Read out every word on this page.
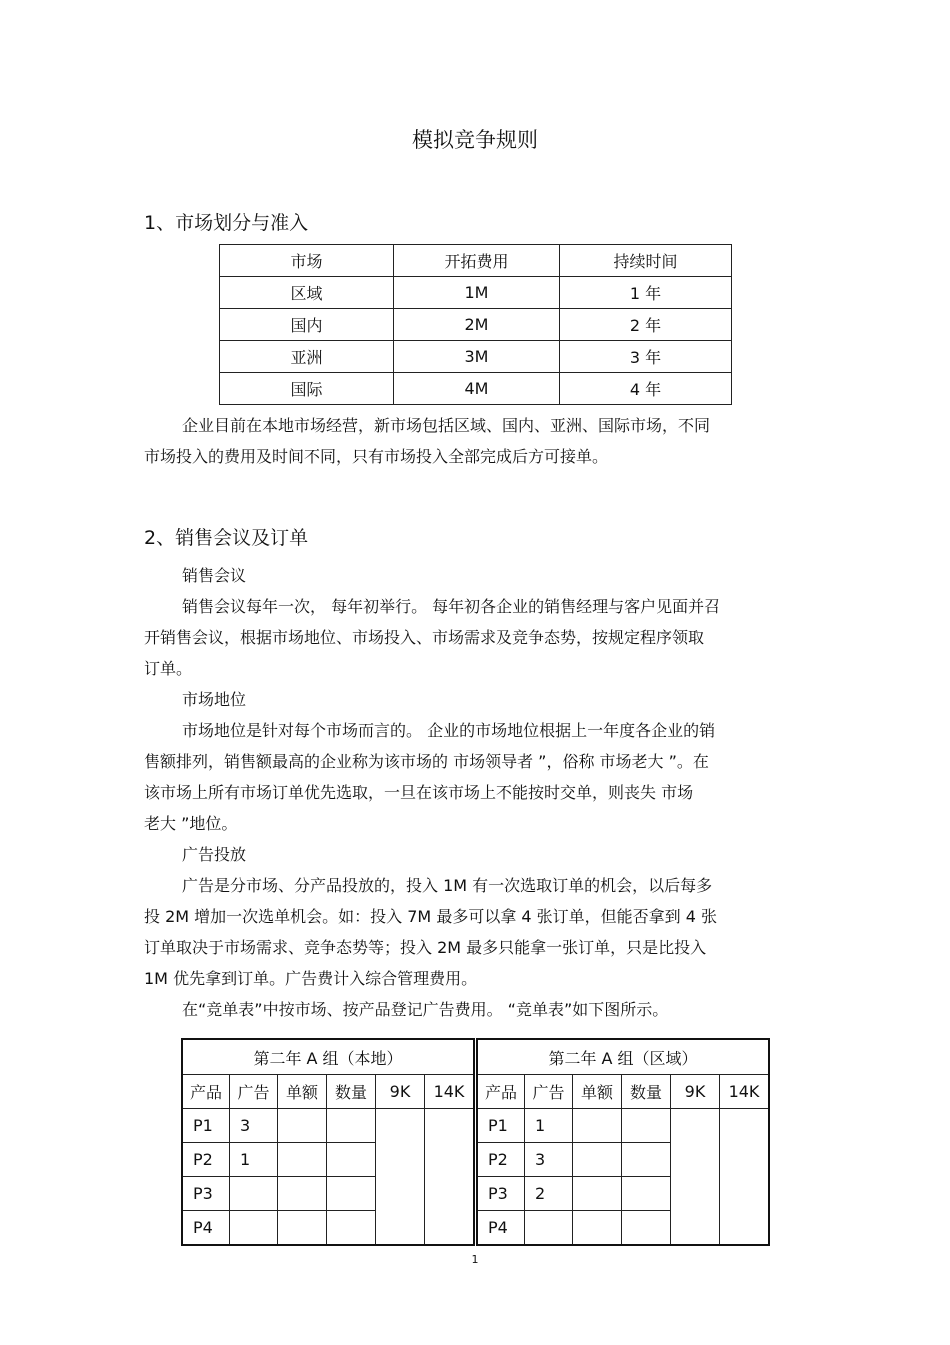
模拟竞争规则
1、市场划分与准入
市场	开拓费用	持续时间
区域	1M	1 年
国内	2M	2 年
亚洲	3M	3 年
国际	4M	4 年
企业目前在本地市场经营，新市场包括区域、国内、亚洲、国际市场，不同
市场投入的费用及时间不同，只有市场投入全部完成后方可接单。
2、销售会议及订单
销售会议
销售会议每年一次， 每年初举行。 每年初各企业的销售经理与客户见面并召
开销售会议，根据市场地位、市场投入、市场需求及竞争态势，按规定程序领取
订单。
市场地位
市场地位是针对每个市场而言的。 企业的市场地位根据上一年度各企业的销
售额排列，销售额最高的企业称为该市场的 市场领导者 ”，俗称 市场老大 ”。在
该市场上所有市场订单优先选取，一旦在该市场上不能按时交单，则丧失 市场
老大 ”地位。
广告投放
广告是分市场、分产品投放的，投入 1M 有一次选取订单的机会，以后每多
投 2M 增加一次选单机会。如：投入 7M 最多可以拿 4 张订单，但能否拿到 4 张
订单取决于市场需求、竞争态势等；投入 2M 最多只能拿一张订单，只是比投入
1M 优先拿到订单。广告费计入综合管理费用。
在“竞单表”中按市场、按产品登记广告费用。 “竞单表”如下图所示。
第二年 A 组（本地）					
产品	广告	单额	数量	9K	14K
P1	3				
P2	1				
P3					
P4					
第二年 A 组（区域）					
产品	广告	单额	数量	9K	14K
P1	1				
P2	3				
P3	2				
P4					
1
